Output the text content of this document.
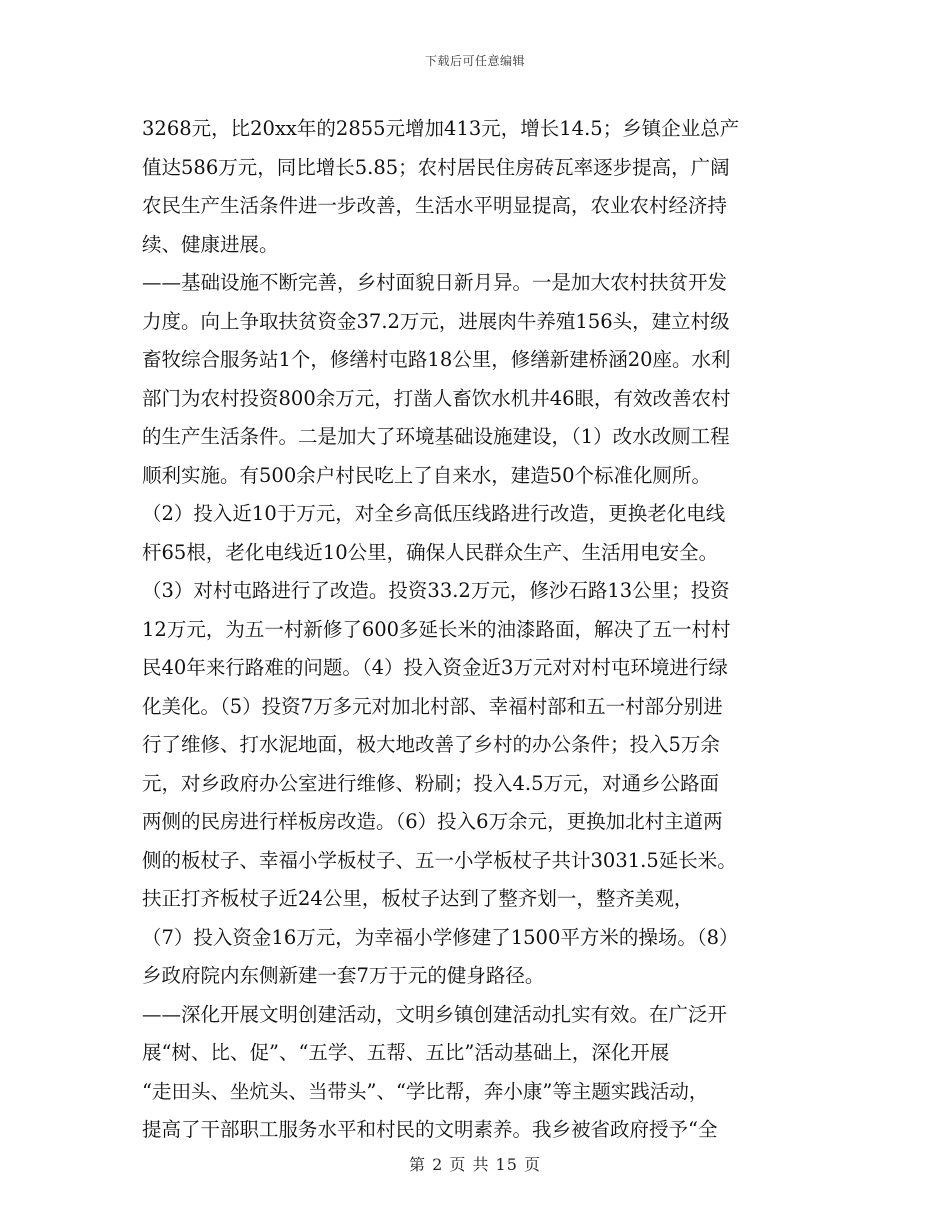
下载后可任意编辑
3268元，比20xx年的2855元增加413元，增长14.5；乡镇企业总产
值达586万元，同比增长5.85；农村居民住房砖瓦率逐步提高，广阔
农民生产生活条件进一步改善，生活水平明显提高，农业农村经济持
续、健康进展。
——基础设施不断完善，乡村面貌日新月异。一是加大农村扶贫开发
力度。向上争取扶贫资金37.2万元，进展肉牛养殖156头，建立村级
畜牧综合服务站1个，修缮村屯路18公里，修缮新建桥涵20座。水利
部门为农村投资800余万元，打凿人畜饮水机井46眼，有效改善农村
的生产生活条件。二是加大了环境基础设施建设，（1）改水改厕工程
顺利实施。有500余户村民吃上了自来水，建造50个标准化厕所。
（2）投入近10于万元，对全乡高低压线路进行改造，更换老化电线
杆65根，老化电线近10公里，确保人民群众生产、生活用电安全。
（3）对村屯路进行了改造。投资33.2万元，修沙石路13公里；投资
12万元，为五一村新修了600多延长米的油漆路面，解决了五一村村
民40年来行路难的问题。（4）投入资金近3万元对对村屯环境进行绿
化美化。（5）投资7万多元对加北村部、幸福村部和五一村部分别进
行了维修、打水泥地面，极大地改善了乡村的办公条件；投入5万余
元，对乡政府办公室进行维修、粉刷；投入4.5万元，对通乡公路面
两侧的民房进行样板房改造。（6）投入6万余元，更换加北村主道两
侧的板杖子、幸福小学板杖子、五一小学板杖子共计3031.5延长米。
扶正打齐板杖子近24公里，板杖子达到了整齐划一，整齐美观，
（7）投入资金16万元，为幸福小学修建了1500平方米的操场。（8）
乡政府院内东侧新建一套7万于元的健身路径。
——深化开展文明创建活动，文明乡镇创建活动扎实有效。在广泛开
展“树、比、促”、“五学、五帮、五比”活动基础上，深化开展
“走田头、坐炕头、当带头”、“学比帮，奔小康”等主题实践活动，
提高了干部职工服务水平和村民的文明素养。我乡被省政府授予“全
第 2 页 共 15 页
